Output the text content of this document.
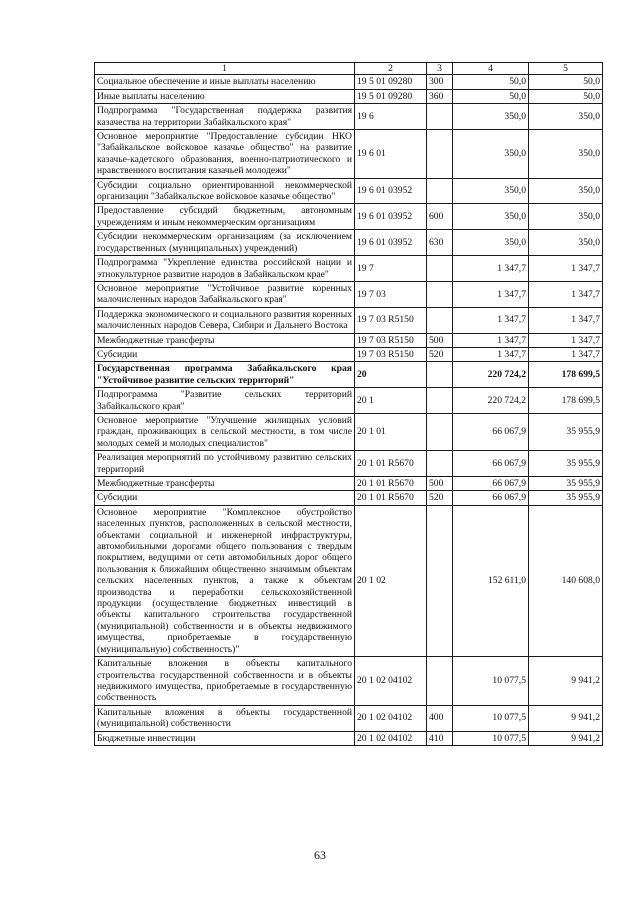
1	2	3	4	5
Социальное обеспечение и иные выплаты населению	19 5 01 09280	300	50,0	50,0
Иные выплаты населению	19 5 01 09280	360	50,0	50,0
Подпрограмма "Государственная поддержка развития казачества на территории Забайкальского края"	19 6		350,0	350,0
Основное мероприятие "Предоставление субсидии НКО "Забайкальское войсковое казачье общество" на развитие казачье-кадетского образования, военно-патриотического и нравственного воспитания казачьей молодежи"	19 6 01		350,0	350,0
Субсидии социально ориентированной некоммерческой организации "Забайкальское войсковое казачье общество"	19 6 01 03952		350,0	350,0
Предоставление субсидий бюджетным, автономным учреждениям и иным некоммерческим организациям	19 6 01 03952	600	350,0	350,0
Субсидии некоммерческим организациям (за исключением государственных (муниципальных) учреждений)	19 6 01 03952	630	350,0	350,0
Подпрограмма "Укрепление единства российской нации и этнокультурное развитие народов в Забайкальском крае"	19 7		1 347,7	1 347,7
Основное мероприятие "Устойчивое развитие коренных малочисленных народов Забайкальского края"	19 7 03		1 347,7	1 347,7
Поддержка экономического и социального развития коренных малочисленных народов Севера, Сибири и Дальнего Востока	19 7 03 R5150		1 347,7	1 347,7
Межбюджетные трансферты	19 7 03 R5150	500	1 347,7	1 347,7
Субсидии	19 7 03 R5150	520	1 347,7	1 347,7
Государственная программа Забайкальского края "Устойчивое развитие сельских территорий"	20		220 724,2	178 699,5
Подпрограмма "Развитие сельских территорий Забайкальского края"	20 1		220 724,2	178 699,5
Основное мероприятие "Улучшение жилищных условий граждан, проживающих в сельской местности, в том числе молодых семей и молодых специалистов"	20 1 01		66 067,9	35 955,9
Реализация мероприятий по устойчивому развитию сельских территорий	20 1 01 R5670		66 067,9	35 955,9
Межбюджетные трансферты	20 1 01 R5670	500	66 067,9	35 955,9
Субсидии	20 1 01 R5670	520	66 067,9	35 955,9
Основное мероприятие "Комплексное обустройство населенных пунктов, расположенных в сельской местности, объектами социальной и инженерной инфраструктуры, автомобильными дорогами общего пользования с твердым покрытием, ведущими от сети автомобильных дорог общего пользования к ближайшим общественно значимым объектам сельских населенных пунктов, а также к объектам производства и переработки сельскохозяйственной продукции (осуществление бюджетных инвестиций в объекты капитального строительства государственной (муниципальной) собственности и в объекты недвижимого имущества, приобретаемые в государственную (муниципальную) собственность)"	20 1 02		152 611,0	140 608,0
Капитальные вложения в объекты капитального строительства государственной собственности и в объекты недвижимого имущества, приобретаемые в государственную собственность	20 1 02 04102		10 077,5	9 941,2
Капитальные вложения в объекты государственной (муниципальной) собственности	20 1 02 04102	400	10 077,5	9 941,2
Бюджетные инвестиции	20 1 02 04102	410	10 077,5	9 941,2
63
